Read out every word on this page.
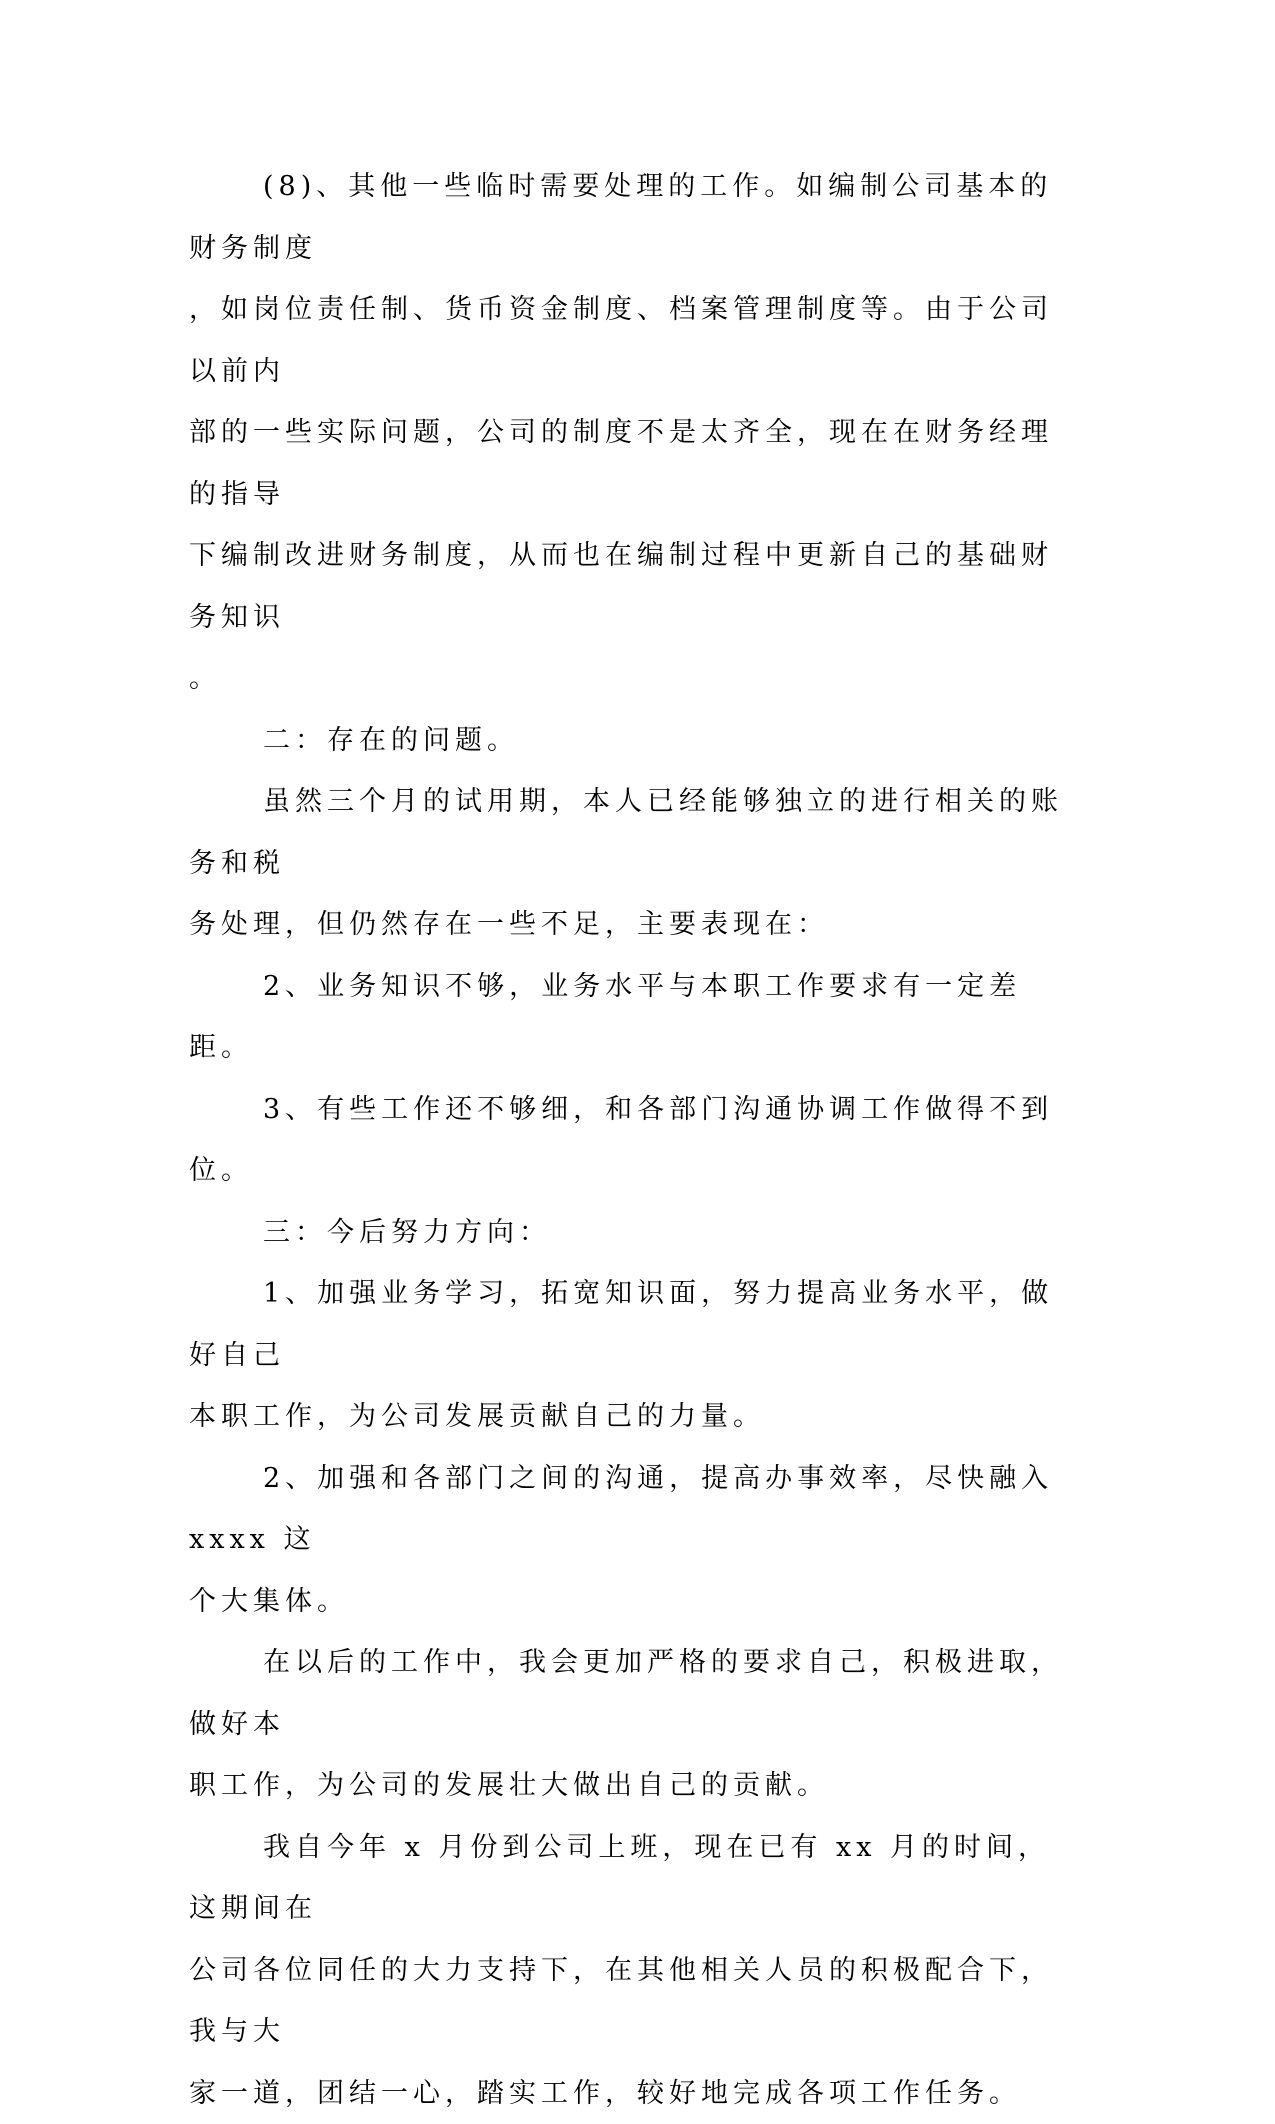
(8)、其他一些临时需要处理的工作。如编制公司基本的财务制度
，如岗位责任制、货币资金制度、档案管理制度等。由于公司以前内
部的一些实际问题，公司的制度不是太齐全，现在在财务经理的指导
下编制改进财务制度，从而也在编制过程中更新自己的基础财务知识
。

二：存在的问题。

虽然三个月的试用期，本人已经能够独立的进行相关的账务和税
务处理，但仍然存在一些不足，主要表现在：

2、业务知识不够，业务水平与本职工作要求有一定差距。

3、有些工作还不够细，和各部门沟通协调工作做得不到位。

三：今后努力方向：

1、加强业务学习，拓宽知识面，努力提高业务水平，做好自己
本职工作，为公司发展贡献自己的力量。

2、加强和各部门之间的沟通，提高办事效率，尽快融入 xxxx 这
个大集体。

在以后的工作中，我会更加严格的要求自己，积极进取，做好本
职工作，为公司的发展壮大做出自己的贡献。

我自今年 x 月份到公司上班，现在已有 xx 月的时间，这期间在
公司各位同任的大力支持下，在其他相关人员的积极配合下，我与大
家一道，团结一心，踏实工作，较好地完成各项工作任务。
